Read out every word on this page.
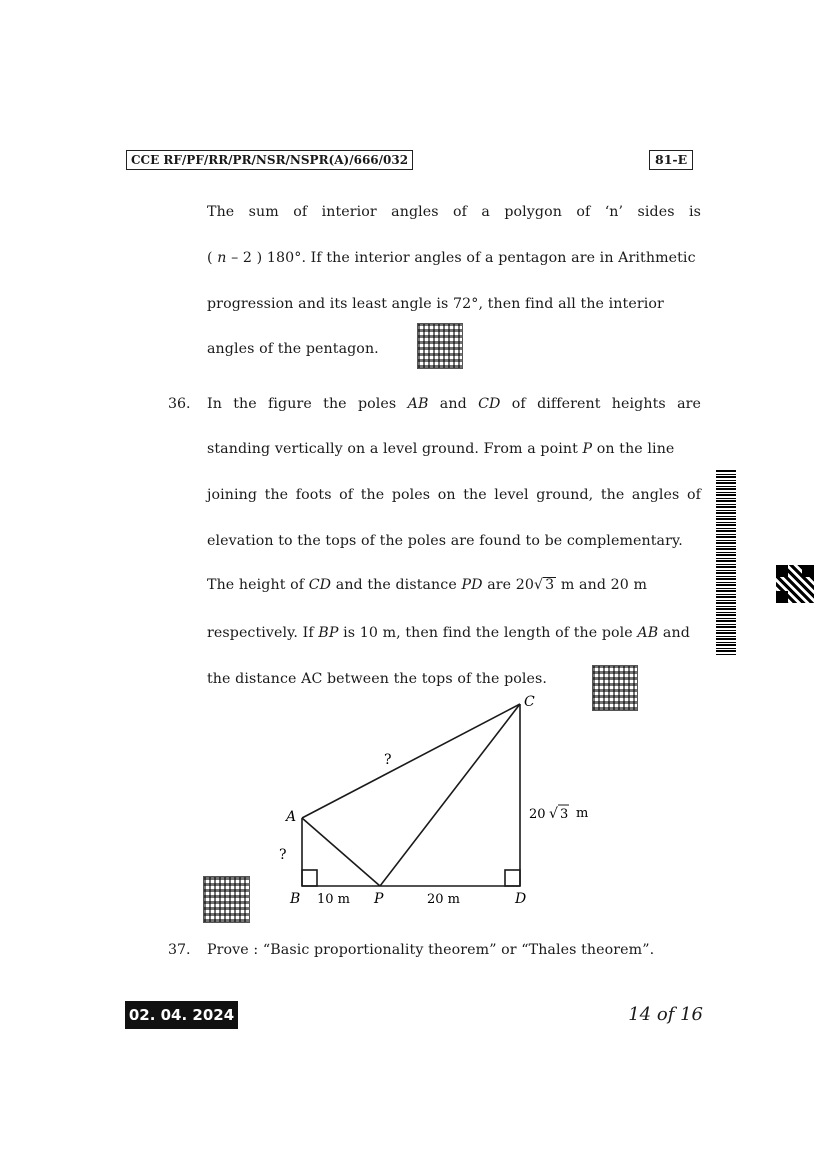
CCE RF/PF/RR/PR/NSR/NSPR(A)/666/032	81-E
The sum of interior angles of a polygon of ‘n’ sides is
( n – 2 ) 180°. If the interior angles of a pentagon are in Arithmetic
progression and its least angle is 72°, then find all the interior
angles of the pentagon.
36. In the figure the poles AB and CD of different heights are
standing vertically on a level ground. From a point P on the line
joining the foots of the poles on the level ground, the angles of
elevation to the tops of the poles are found to be complementary.
The height of CD and the distance PD are 20√ 3 m and 20 m
respectively. If BP is 10 m, then find the length of the pole AB and
the distance AC between the tops of the poles.
A
B
C
D
P
?
?
10 m	20 m
20 √ 3 m
37. Prove : “Basic proportionality theorem” or “Thales theorem”.
02. 04. 2024	14 of 16
